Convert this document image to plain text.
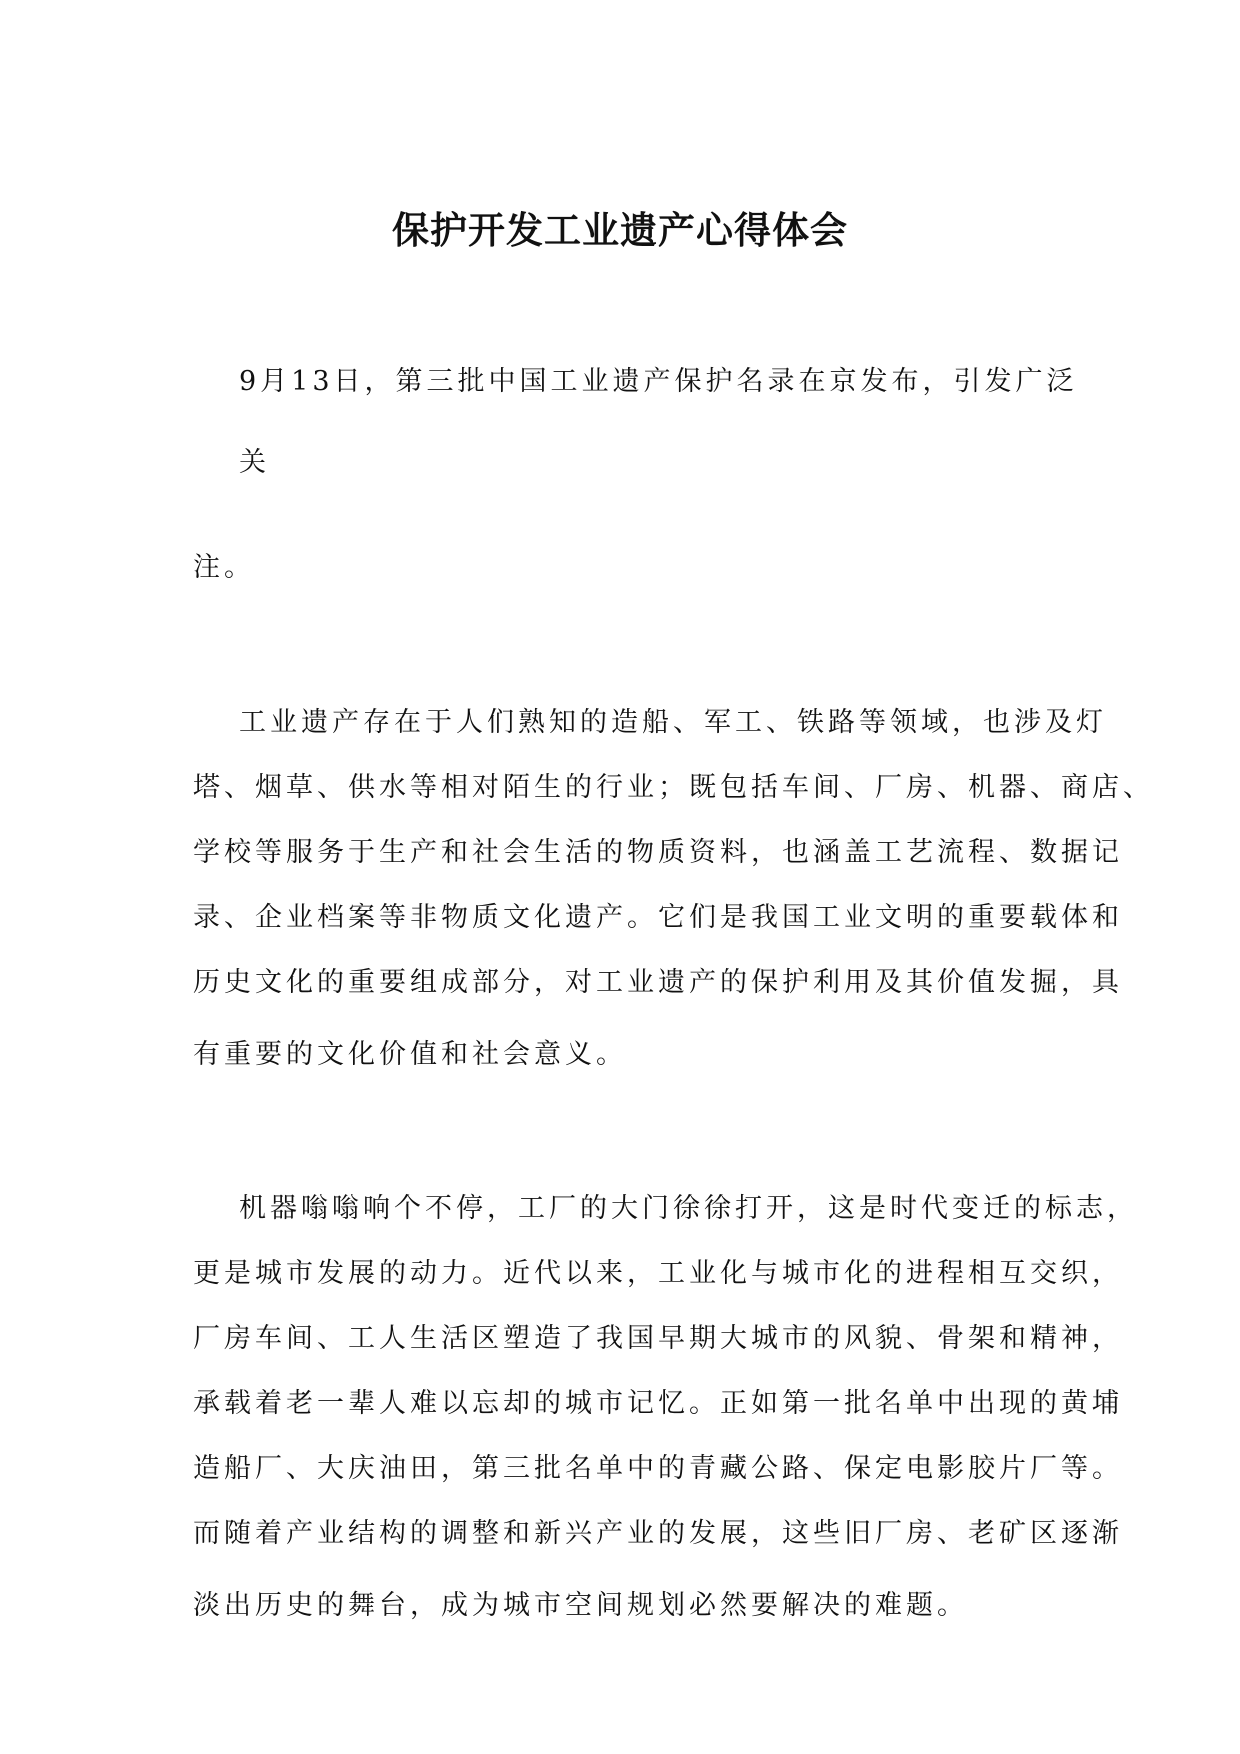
保护开发工业遗产心得体会

9月13日，第三批中国工业遗产保护名录在京发布，引发广泛

关

注。

工业遗产存在于人们熟知的造船、军工、铁路等领域，也涉及灯

塔、烟草、供水等相对陌生的行业；既包括车间、厂房、机器、商店、

学校等服务于生产和社会生活的物质资料，也涵盖工艺流程、数据记

录、企业档案等非物质文化遗产。它们是我国工业文明的重要载体和

历史文化的重要组成部分，对工业遗产的保护利用及其价值发掘，具

有重要的文化价值和社会意义。

机器嗡嗡响个不停，工厂的大门徐徐打开，这是时代变迁的标志，

更是城市发展的动力。近代以来，工业化与城市化的进程相互交织，

厂房车间、工人生活区塑造了我国早期大城市的风貌、骨架和精神，

承载着老一辈人难以忘却的城市记忆。正如第一批名单中出现的黄埔

造船厂、大庆油田，第三批名单中的青藏公路、保定电影胶片厂等。

而随着产业结构的调整和新兴产业的发展，这些旧厂房、老矿区逐渐

淡出历史的舞台，成为城市空间规划必然要解决的难题。
